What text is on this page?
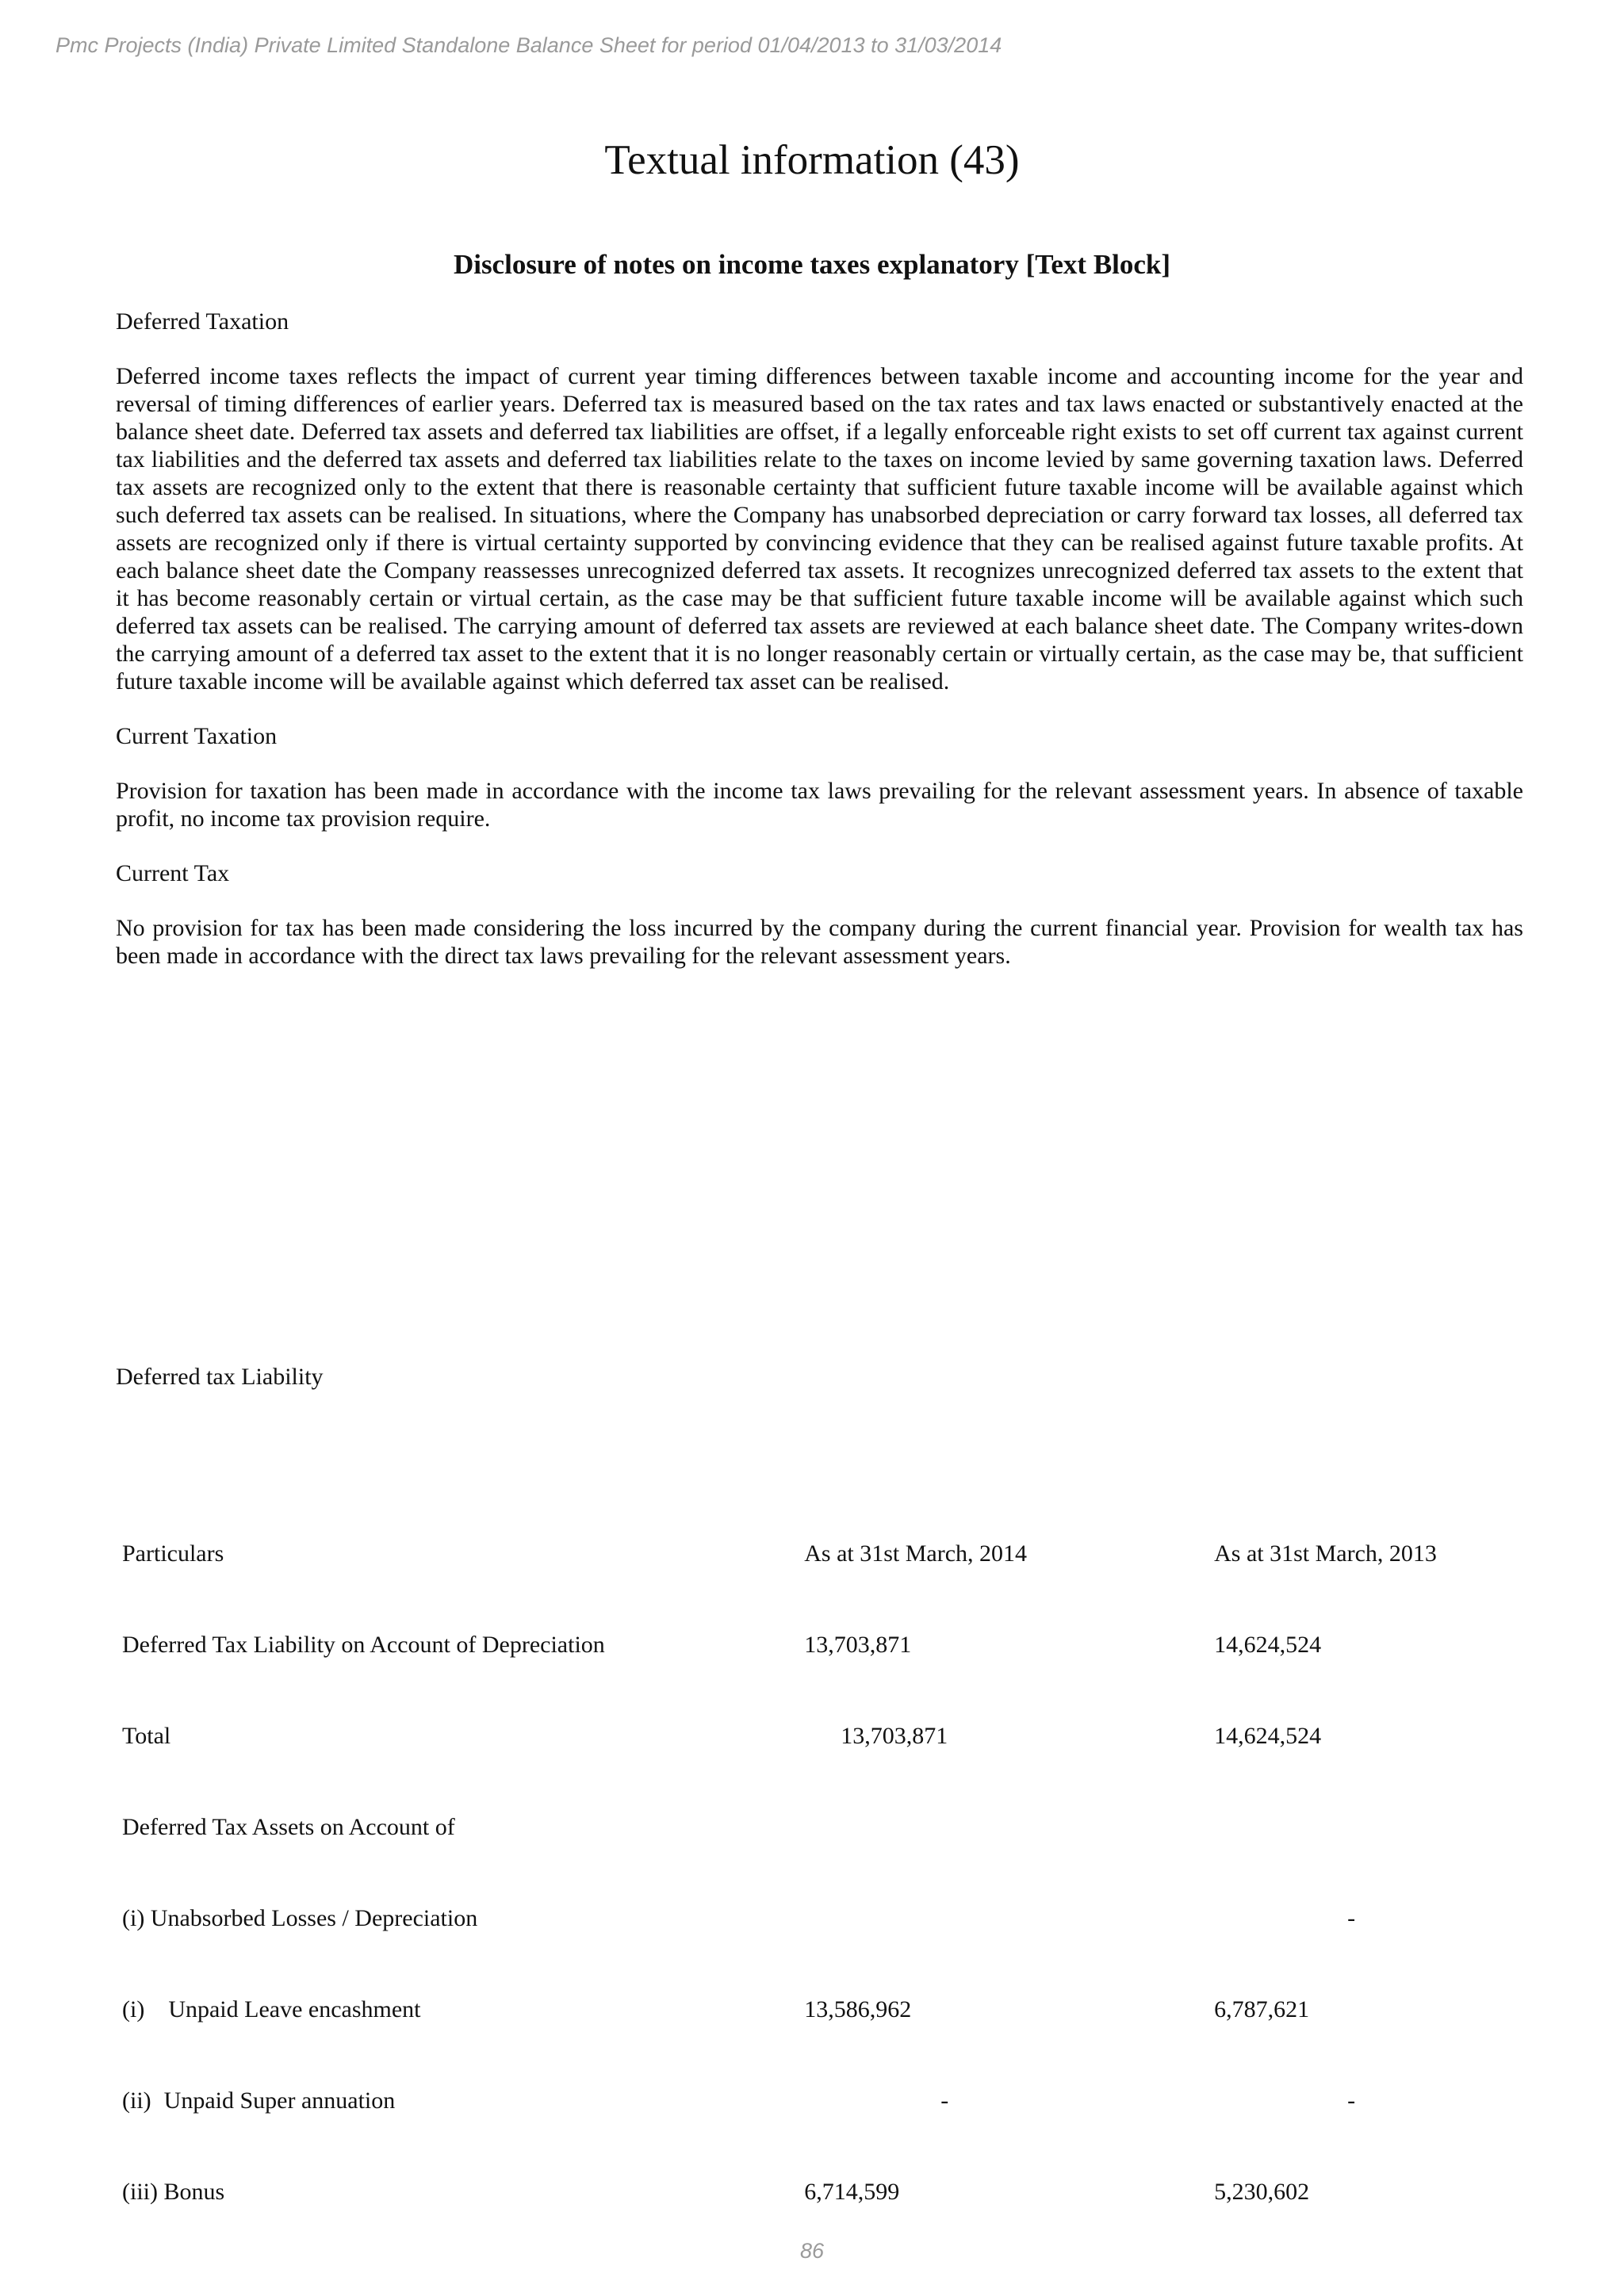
Pmc Projects (India) Private Limited Standalone Balance Sheet for period 01/04/2013 to 31/03/2014
Textual information (43)
Disclosure of notes on income taxes explanatory [Text Block]

Deferred Taxation

Deferred income taxes reflects the impact of current year timing differences between taxable income and accounting income for the year and reversal of timing differences of earlier years. Deferred tax is measured based on the tax rates and tax laws enacted or substantively enacted at the balance sheet date. Deferred tax assets and deferred tax liabilities are offset, if a legally enforceable right exists to set off current tax against current tax liabilities and the deferred tax assets and deferred tax liabilities relate to the taxes on income levied by same governing taxation laws. Deferred tax assets are recognized only to the extent that there is reasonable certainty that sufficient future taxable income will be available against which such deferred tax assets can be realised. In situations, where the Company has unabsorbed depreciation or carry forward tax losses, all deferred tax assets are recognized only if there is virtual certainty supported by convincing evidence that they can be realised against future taxable profits. At each balance sheet date the Company reassesses unrecognized deferred tax assets. It recognizes unrecognized deferred tax assets to the extent that it has become reasonably certain or virtual certain, as the case may be that sufficient future taxable income will be available against which such deferred tax assets can be realised. The carrying amount of deferred tax assets are reviewed at each balance sheet date. The Company writes-down the carrying amount of a deferred tax asset to the extent that it is no longer reasonably certain or virtually certain, as the case may be, that sufficient future taxable income will be available against which deferred tax asset can be realised.

Current Taxation

Provision for taxation has been made in accordance with the income tax laws prevailing for the relevant assessment years. In absence of taxable profit, no income tax provision require.

Current Tax

No provision for tax has been made considering the loss incurred by the company during the current financial year. Provision for wealth tax has been made in accordance with the direct tax laws prevailing for the relevant assessment years.

Deferred tax Liability
Particulars	As at 31st March, 2014	As at 31st March, 2013
Deferred Tax Liability on Account of Depreciation	13,703,871	14,624,524
Total	13,703,871	14,624,524
Deferred Tax Assets on Account of		
(i) Unabsorbed Losses / Depreciation		-
(i) Unpaid Leave encashment	13,586,962	6,787,621
(ii) Unpaid Super annuation	-	-
(iii) Bonus	6,714,599	5,230,602
86
